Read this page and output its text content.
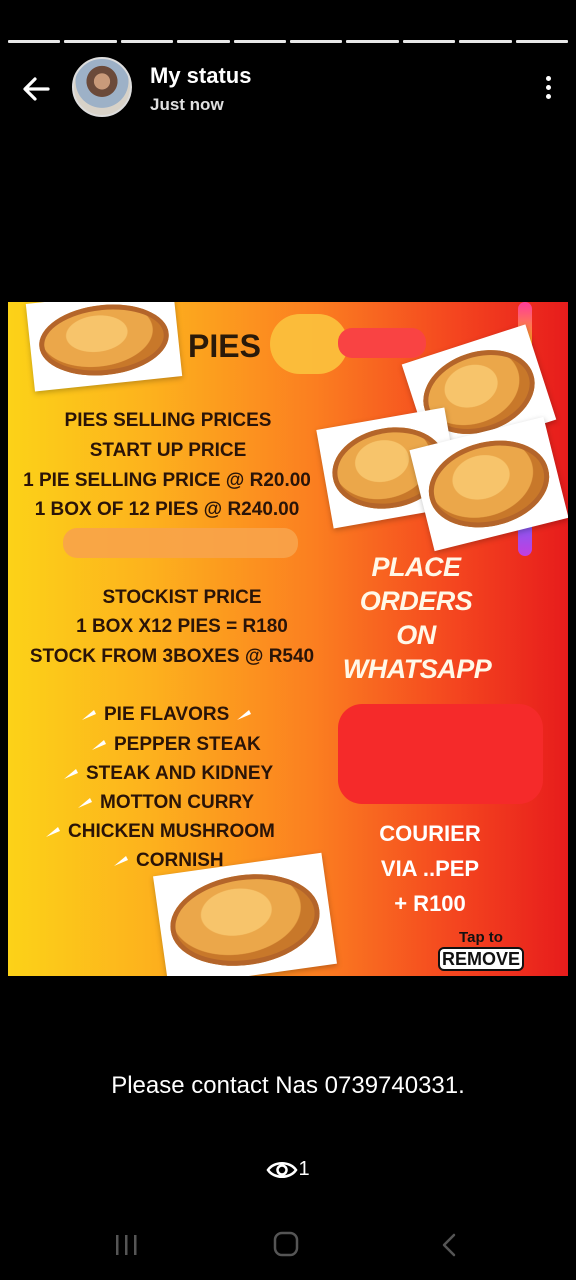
My status
Just now
PIES
PIES SELLING PRICES
START UP PRICE
1 PIE SELLING PRICE @ R20.00
1 BOX OF 12 PIES @ R240.00
STOCKIST PRICE
1 BOX X12 PIES = R180
STOCK FROM 3BOXES @ R540
PLACE
ORDERS
ON
WHATSAPP
PIE FLAVORS
PEPPER STEAK
STEAK AND KIDNEY
MOTTON CURRY
CHICKEN MUSHROOM
CORNISH
COURIER
VIA ..PEP
+ R100
Tap to
REMOVE
Please contact Nas 0739740331.
1
